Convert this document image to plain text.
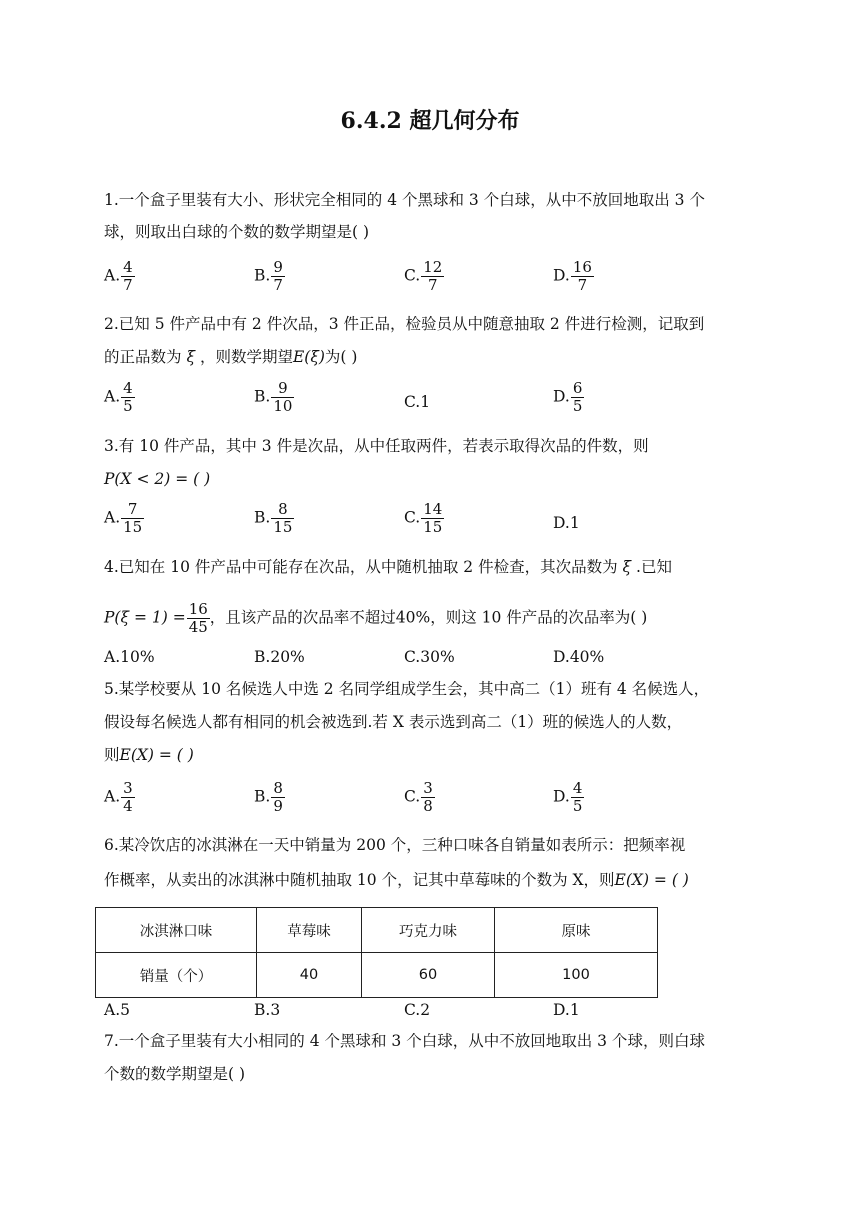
6.4.2 超几何分布
1.一个盒子里装有大小、形状完全相同的 4 个黑球和 3 个白球，从中不放回地取出 3 个
球，则取出白球的个数的数学期望是( )
A. $\frac{4}{7}$	B. $\frac{9}{7}$	C. $\frac{12}{7}$	D. $\frac{16}{7}$
2.已知 5 件产品中有 2 件次品，3 件正品，检验员从中随意抽取 2 件进行检测，记取到
的正品数为 ξ ，则数学期望E(ξ)为( )
A. $\frac{4}{5}$	B. $\frac{9}{10}$	C.1	D. $\frac{6}{5}$
3.有 10 件产品，其中 3 件是次品，从中任取两件，若表示取得次品的件数，则
P(X < 2) = ( )
A. $\frac{7}{15}$	B. $\frac{8}{15}$	C. $\frac{14}{15}$	D.1
4.已知在 10 件产品中可能存在次品，从中随机抽取 2 件检查，其次品数为 ξ .已知
$P(\xi = 1) = \frac{16}{45}$ ，且该产品的次品率不超过40%，则这 10 件产品的次品率为( )
A.10%	B.20%	C.30%	D.40%
5.某学校要从 10 名候选人中选 2 名同学组成学生会，其中高二（1）班有 4 名候选人，
假设每名候选人都有相同的机会被选到.若 X 表示选到高二（1）班的候选人的人数，
则E(X) = ( )
A. $\frac{3}{4}$	B. $\frac{8}{9}$	C. $\frac{3}{8}$	D. $\frac{4}{5}$
6.某冷饮店的冰淇淋在一天中销量为 200 个，三种口味各自销量如表所示：把频率视
作概率，从卖出的冰淇淋中随机抽取 10 个，记其中草莓味的个数为 X，则E(X) = ( )
冰淇淋口味	草莓味	巧克力味	原味
销量（个）	40	60	100
A.5	B.3	C.2	D.1
7.一个盒子里装有大小相同的 4 个黑球和 3 个白球，从中不放回地取出 3 个球，则白球
个数的数学期望是( )
